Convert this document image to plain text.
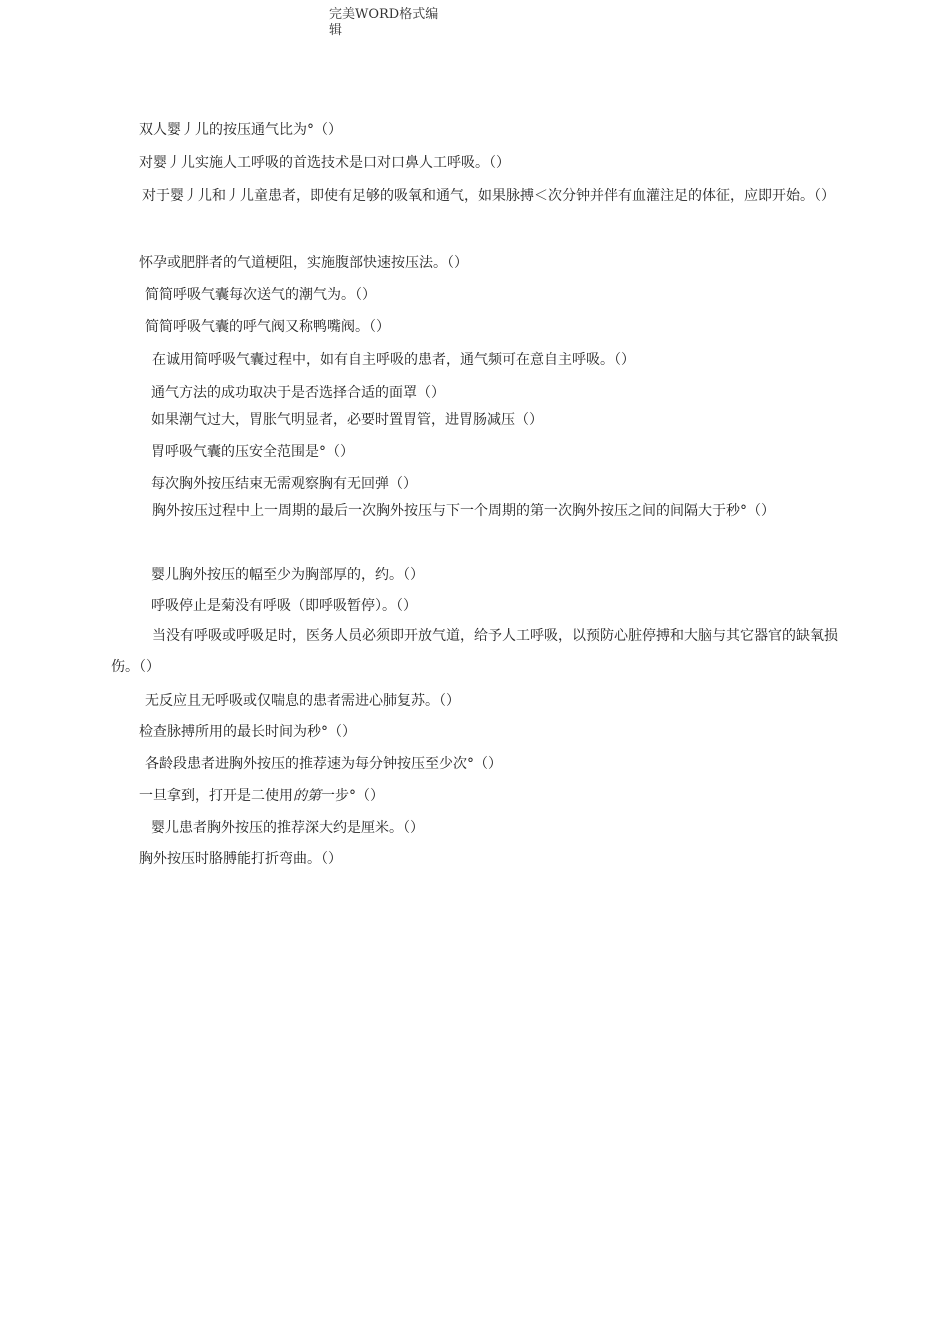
完美WORD格式编
辑
双人婴丿儿的按压通气比为°（）
对婴丿儿实施人工呼吸的首选技术是口对口鼻人工呼吸。（）
对于婴丿儿和丿儿童患者，即使有足够的吸氧和通气，如果脉搏＜次分钟并伴有血灌注足的体征，应即开始。（）
怀孕或肥胖者的气道梗阻，实施腹部快速按压法。（）
简简呼吸气囊每次送气的潮气为。（）
简简呼吸气囊的呼气阀又称鸭嘴阀。（）
在诚用简呼吸气囊过程中，如有自主呼吸的患者，通气频可在意自主呼吸。（）
通气方法的成功取决于是否选择合适的面罩（）
如果潮气过大，胃胀气明显者，必要时置胃管，进胃肠减压（）
胃呼吸气囊的压安全范围是°（）
每次胸外按压结束无需观察胸有无回弹（）
胸外按压过程中上一周期的最后一次胸外按压与下一个周期的第一次胸外按压之间的间隔大于秒°（）
婴儿胸外按压的幅至少为胸部厚的，约。（）
呼吸停止是菊没有呼吸（即呼吸暂停）。（）
当没有呼吸或呼吸足时，医务人员必须即开放气道，给予人工呼吸，以预防心脏停搏和大脑与其它器官的缺氧损伤。（）
无反应且无呼吸或仅喘息的患者需进心肺复苏。（）
检查脉搏所用的最长时间为秒°（）
各龄段患者进胸外按压的推荐速为每分钟按压至少次°（）
一旦拿到，打开是二使用的第一步°（）
婴儿患者胸外按压的推荐深大约是厘米。（）
胸外按压时胳膊能打折弯曲。（）
